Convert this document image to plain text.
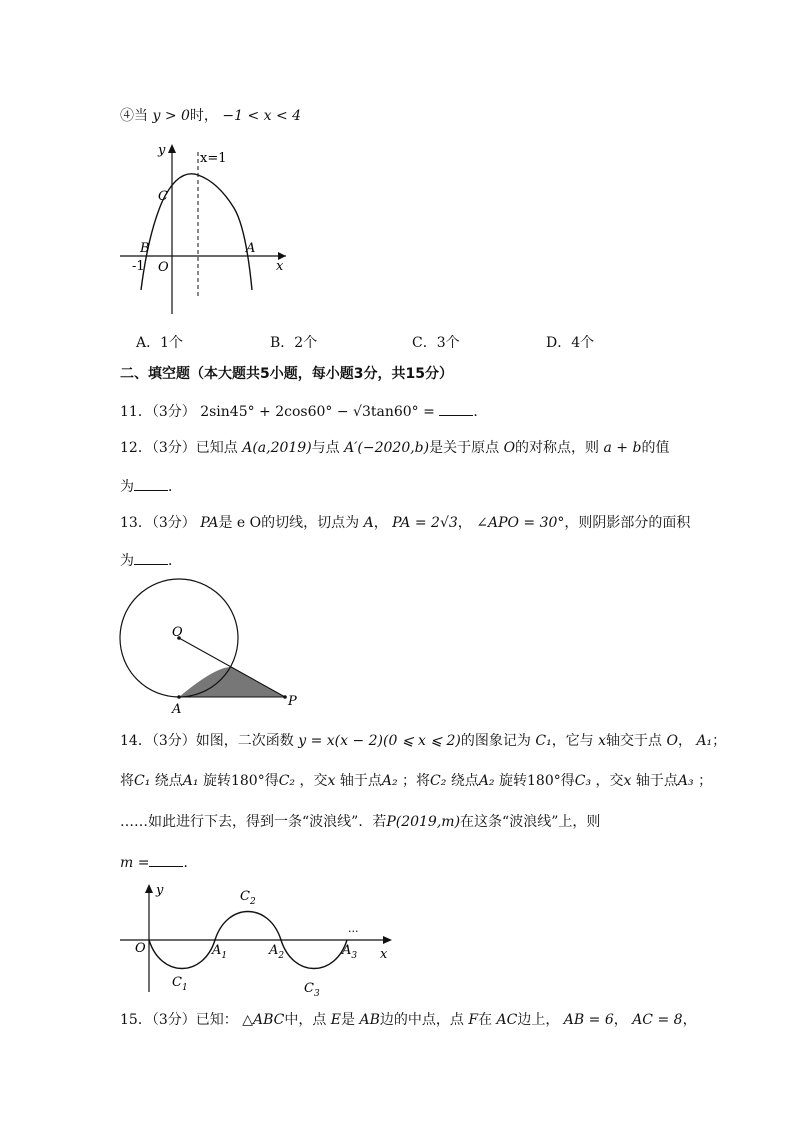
④当 y > 0时， −1 < x < 4
y
x
x=1
C
B	A
-1 O
A．1个	B．2个	C．3个	D．4个
二、填空题（本大题共5小题，每小题3分，共15分）
11．（3分） 2sin45° + 2cos60° − √3tan60° =	．
12．（3分）已知点 A(a,2019)与点 A′(−2020,b)是关于原点 O的对称点，则 a + b的值
为 ．
13．（3分） PA是 e O的切线，切点为 A， PA = 2√3， ∠APO = 30°，则阴影部分的面积
为 ．
O
A
P
14．（3分）如图，二次函数 y = x(x − 2)(0 ⩽ x ⩽ 2)的图象记为 C₁，它与 x轴交于点 O， A₁；
将C₁ 绕点A₁ 旋转180°得C₂ ，交x 轴于点A₂ ；将C₂ 绕点A₂ 旋转180°得C₃ ，交x 轴于点A₃ ；
……如此进行下去，得到一条“波浪线”．若P(2019,m)在这条“波浪线”上，则
m = ．
y
x
O
...
$C_1$
$C_2$
$C_3$
$A_1$	$A_2$	$A_3$
15．（3分）已知： △ABC中，点 E是 AB边的中点，点 F在 AC边上， AB = 6， AC = 8，
